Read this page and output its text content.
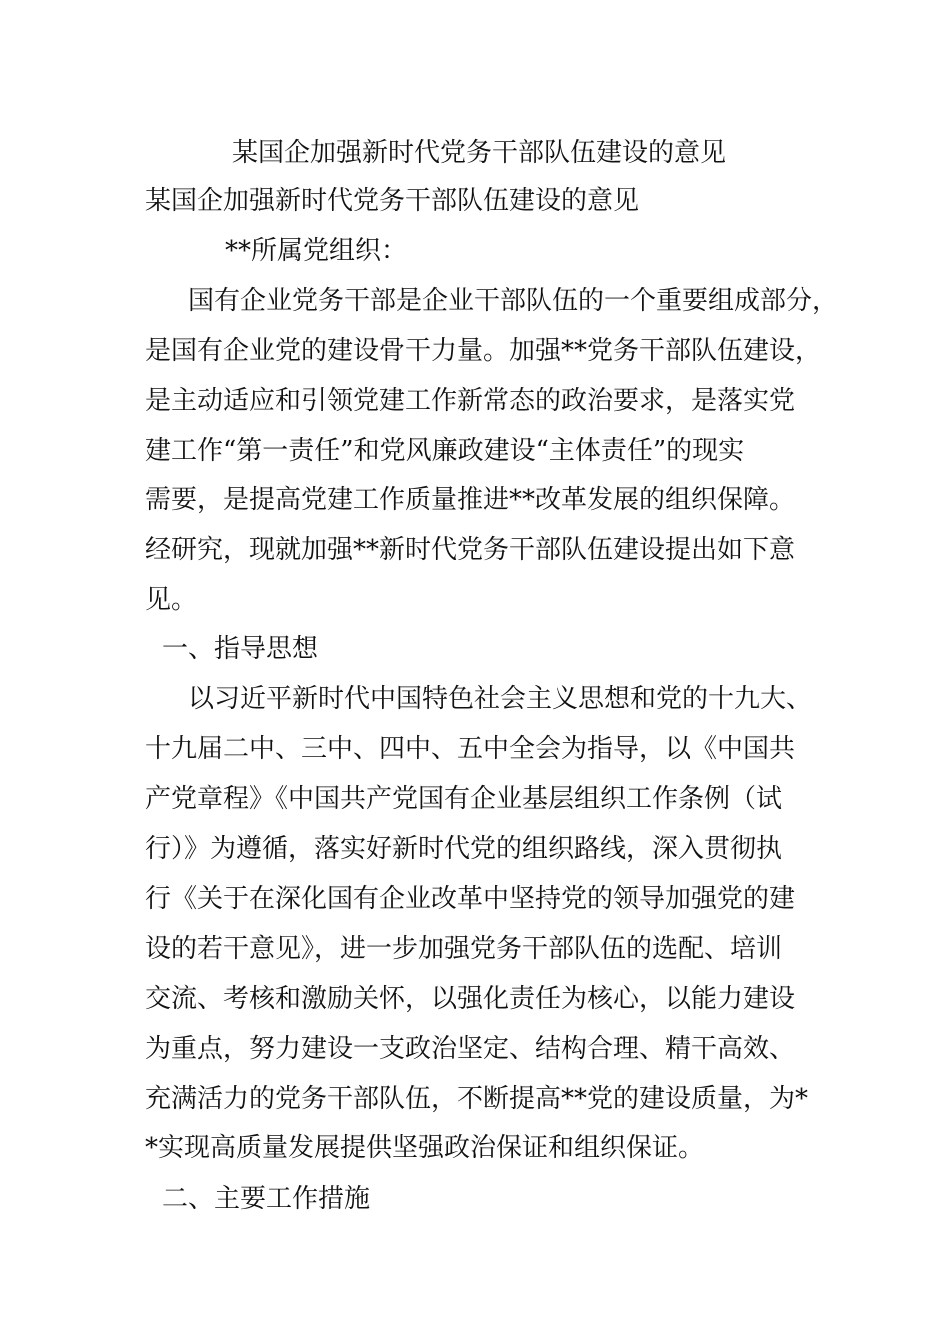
某国企加强新时代党务干部队伍建设的意见
某国企加强新时代党务干部队伍建设的意见
**所属党组织：
国有企业党务干部是企业干部队伍的一个重要组成部分，
是国有企业党的建设骨干力量。加强**党务干部队伍建设，
是主动适应和引领党建工作新常态的政治要求，是落实党
建工作“第一责任”和党风廉政建设“主体责任”的现实
需要，是提高党建工作质量推进**改革发展的组织保障。
经研究，现就加强**新时代党务干部队伍建设提出如下意
见。
一、指导思想
以习近平新时代中国特色社会主义思想和党的十九大、
十九届二中、三中、四中、五中全会为指导，以《中国共
产党章程》《中国共产党国有企业基层组织工作条例（试
行）》为遵循，落实好新时代党的组织路线，深入贯彻执
行《关于在深化国有企业改革中坚持党的领导加强党的建
设的若干意见》，进一步加强党务干部队伍的选配、培训
交流、考核和激励关怀，以强化责任为核心，以能力建设
为重点，努力建设一支政治坚定、结构合理、精干高效、
充满活力的党务干部队伍，不断提高**党的建设质量，为*
*实现高质量发展提供坚强政治保证和组织保证。
二、主要工作措施
